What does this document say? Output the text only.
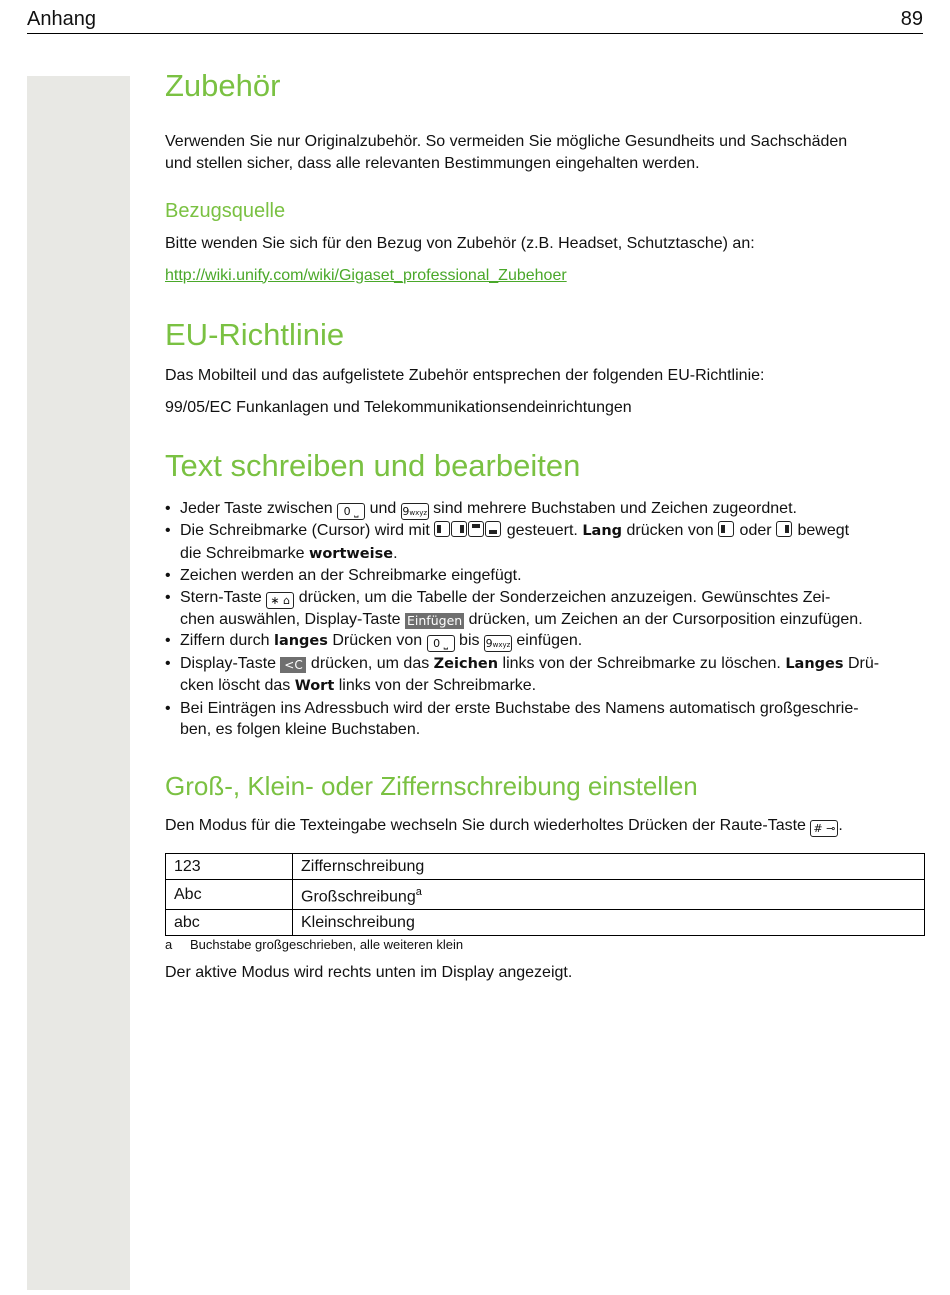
Anhang	89
Zubehör

Verwenden Sie nur Originalzubehör. So vermeiden Sie mögliche Gesundheits und Sachschäden

und stellen sicher, dass alle relevanten Bestimmungen eingehalten werden.

Bezugsquelle

Bitte wenden Sie sich für den Bezug von Zubehör (z.B. Headset, Schutztasche) an:

http://wiki.unify.com/wiki/Gigaset_professional_Zubehoer

EU-Richtlinie

Das Mobilteil und das aufgelistete Zubehör entsprechen der folgenden EU-Richtlinie:

99/05/EC Funkanlagen und Telekommunikationsendeinrichtungen

Text schreiben und bearbeiten
• Jeder Taste zwischen 0 ⎵ und 9wxyz sind mehrere Buchstaben und Zeichen zugeordnet.
• Die Schreibmarke (Cursor) wird mit	gesteuert. Lang drücken von  oder  bewegt
die Schreibmarke wortweise.
• Zeichen werden an der Schreibmarke eingefügt.
• Stern-Taste ∗ ⌂ drücken, um die Tabelle der Sonderzeichen anzuzeigen. Gewünschtes Zei-
chen auswählen, Display-Taste Einfügen drücken, um Zeichen an der Cursorposition einzufügen.
• Ziffern durch langes Drücken von 0 ⎵ bis 9wxyz einfügen.
• Display-Taste <C drücken, um das Zeichen links von der Schreibmarke zu löschen. Langes Drü-
cken löscht das Wort links von der Schreibmarke.
• Bei Einträgen ins Adressbuch wird der erste Buchstabe des Namens automatisch großgeschrie-
ben, es folgen kleine Buchstaben.
Groß-, Klein- oder Ziffernschreibung einstellen

Den Modus für die Texteingabe wechseln Sie durch wiederholtes Drücken der Raute-Taste # ⊸ .

123	Ziffernschreibung
Abc	Großschreibung$^a$
abc	Kleinschreibung

a Buchstabe großgeschrieben, alle weiteren klein

Der aktive Modus wird rechts unten im Display angezeigt.
